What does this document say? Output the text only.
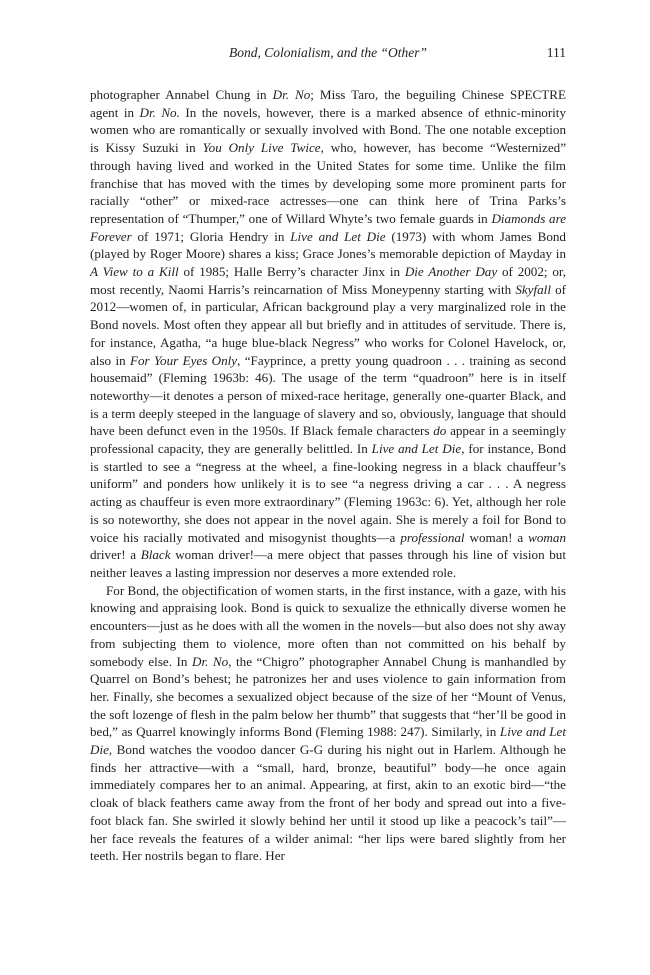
Bond, Colonialism, and the “Other”	111

photographer Annabel Chung in Dr. No; Miss Taro, the beguiling Chinese SPECTRE agent in Dr. No. In the novels, however, there is a marked absence of ethnic-minority women who are romantically or sexually involved with Bond. The one notable exception is Kissy Suzuki in You Only Live Twice, who, however, has become “Westernized” through having lived and worked in the United States for some time. Unlike the film franchise that has moved with the times by developing some more prominent parts for racially “other” or mixed-race actresses—one can think here of Trina Parks’s representation of “Thumper,” one of Willard Whyte’s two female guards in Diamonds are Forever of 1971; Gloria Hendry in Live and Let Die (1973) with whom James Bond (played by Roger Moore) shares a kiss; Grace Jones’s memorable depiction of Mayday in A View to a Kill of 1985; Halle Berry’s character Jinx in Die Another Day of 2002; or, most recently, Naomi Harris’s reincarnation of Miss Moneypenny starting with Skyfall of 2012—women of, in particular, African background play a very marginalized role in the Bond novels. Most often they appear all but briefly and in attitudes of servitude. There is, for instance, Agatha, “a huge blue-black Negress” who works for Colonel Havelock, or, also in For Your Eyes Only, “Fayprince, a pretty young quadroon . . . training as second housemaid” (Fleming 1963b: 46). The usage of the term “quadroon” here is in itself noteworthy—it denotes a person of mixed-race heritage, generally one-quarter Black, and is a term deeply steeped in the language of slavery and so, obviously, language that should have been defunct even in the 1950s. If Black female characters do appear in a seemingly professional capacity, they are generally belittled. In Live and Let Die, for instance, Bond is startled to see a “negress at the wheel, a fine-looking negress in a black chauffeur’s uniform” and ponders how unlikely it is to see “a negress driving a car . . . A negress acting as chauffeur is even more extraordinary” (Fleming 1963c: 6). Yet, although her role is so noteworthy, she does not appear in the novel again. She is merely a foil for Bond to voice his racially motivated and misogynist thoughts—a professional woman! a woman driver! a Black woman driver!—a mere object that passes through his line of vision but neither leaves a lasting impression nor deserves a more extended role.

For Bond, the objectification of women starts, in the first instance, with a gaze, with his knowing and appraising look. Bond is quick to sexualize the ethnically diverse women he encounters—just as he does with all the women in the novels—but also does not shy away from subjecting them to violence, more often than not committed on his behalf by somebody else. In Dr. No, the “Chigro” photographer Annabel Chung is manhandled by Quarrel on Bond’s behest; he patronizes her and uses violence to gain information from her. Finally, she becomes a sexualized object because of the size of her “Mount of Venus, the soft lozenge of flesh in the palm below her thumb” that suggests that “her’ll be good in bed,” as Quarrel knowingly informs Bond (Fleming 1988: 247). Similarly, in Live and Let Die, Bond watches the voodoo dancer G-G during his night out in Harlem. Although he finds her attractive—with a “small, hard, bronze, beautiful” body—he once again immediately compares her to an animal. Appearing, at first, akin to an exotic bird—“the cloak of black feathers came away from the front of her body and spread out into a five-foot black fan. She swirled it slowly behind her until it stood up like a peacock’s tail”—her face reveals the features of a wilder animal: “her lips were bared slightly from her teeth. Her nostrils began to flare. Her
